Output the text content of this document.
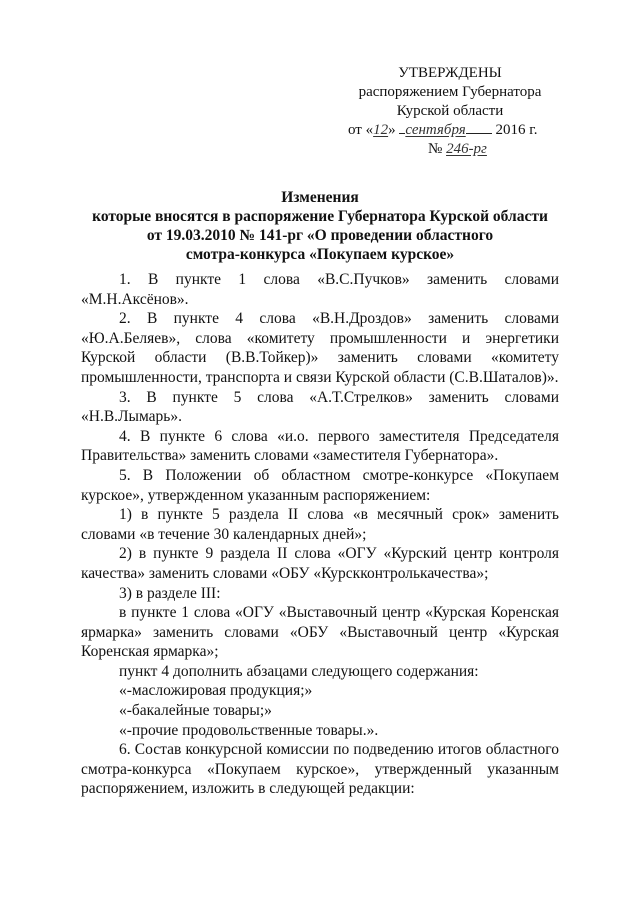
УТВЕРЖДЕНЫ
распоряжением Губернатора
Курской области
от «12» сентября 2016 г.
№ 246-рг
Изменения
которые вносятся в распоряжение Губернатора Курской области
от 19.03.2010 № 141-рг «О проведении областного
смотра-конкурса «Покупаем курское»

1. В пункте 1 слова «В.С.Пучков» заменить словами «М.Н.Аксёнов».

2. В пункте 4 слова «В.Н.Дроздов» заменить словами «Ю.А.Беляев», слова «комитету промышленности и энергетики Курской области (В.В.Тойкер)» заменить словами «комитету промышленности, транспорта и связи Курской области (С.В.Шаталов)».

3. В пункте 5 слова «А.Т.Стрелков» заменить словами «Н.В.Лымарь».

4. В пункте 6 слова «и.о. первого заместителя Председателя Правительства» заменить словами «заместителя Губернатора».

5. В Положении об областном смотре-конкурсе «Покупаем курское», утвержденном указанным распоряжением:

1) в пункте 5 раздела II слова «в месячный срок» заменить словами «в течение 30 календарных дней»;

2) в пункте 9 раздела II слова «ОГУ «Курский центр контроля качества» заменить словами «ОБУ «Курскконтролькачества»;

3) в разделе III:

в пункте 1 слова «ОГУ «Выставочный центр «Курская Коренская ярмарка» заменить словами «ОБУ «Выставочный центр «Курская Коренская ярмарка»;

пункт 4 дополнить абзацами следующего содержания:

«-масложировая продукция;»

«-бакалейные товары;»

«-прочие продовольственные товары.».

6. Состав конкурсной комиссии по подведению итогов областного смотра-конкурса «Покупаем курское», утвержденный указанным распоряжением, изложить в следующей редакции:
